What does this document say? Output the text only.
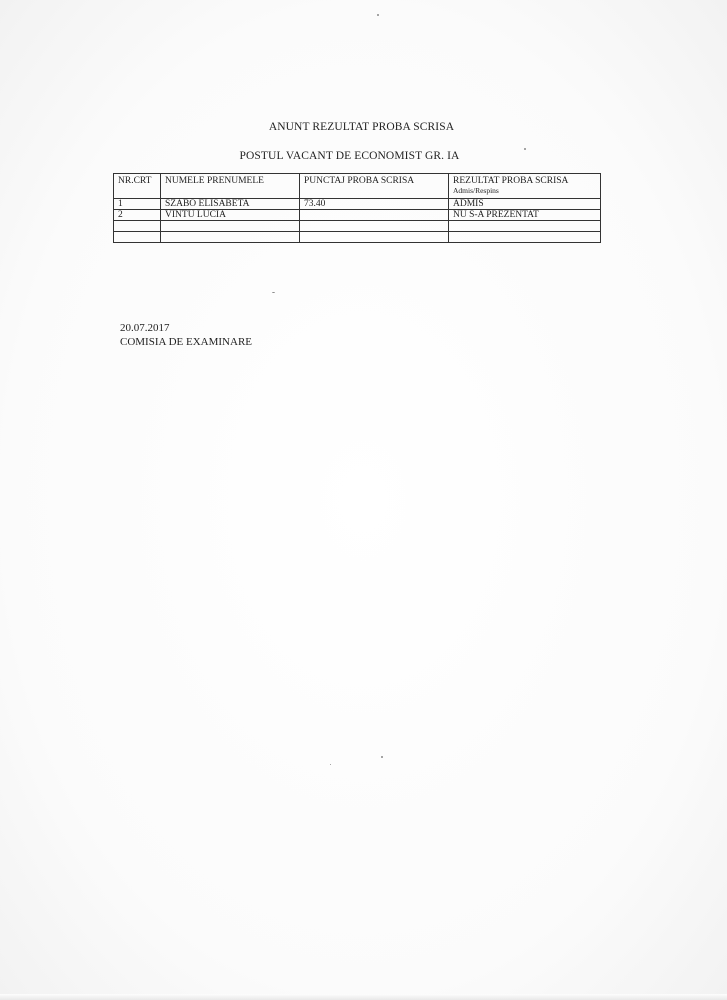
ANUNT REZULTAT PROBA SCRISA
POSTUL VACANT DE ECONOMIST GR. IA
NR.CRT	NUMELE PRENUMELE	PUNCTAJ PROBA SCRISA	REZULTAT PROBA SCRISA
Admis/Respins

1	SZABO ELISABETA	73.40	ADMIS
2	VINTU LUCIA		NU S-A PREZENTAT

20.07.2017
COMISIA DE EXAMINARE
